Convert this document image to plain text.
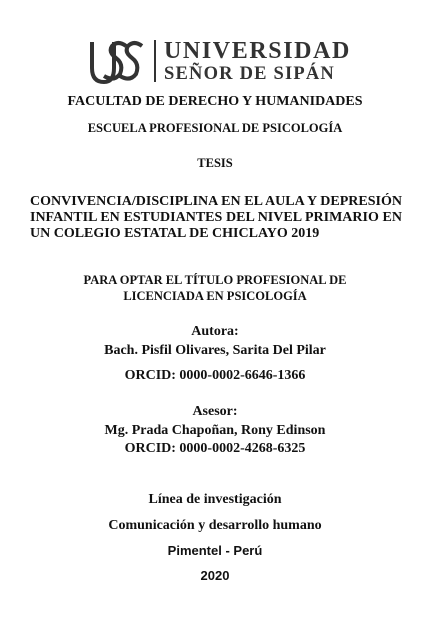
UNIVERSIDAD
SEÑOR DE SIPÁN
FACULTAD DE DERECHO Y HUMANIDADES
ESCUELA PROFESIONAL DE PSICOLOGÍA
TESIS
CONVIVENCIA/DISCIPLINA EN EL AULA Y DEPRESIÓN INFANTIL EN ESTUDIANTES DEL NIVEL PRIMARIO EN UN COLEGIO ESTATAL DE CHICLAYO 2019
PARA OPTAR EL TÍTULO PROFESIONAL DE
LICENCIADA EN PSICOLOGÍA
Autora:
Bach. Pisfil Olivares, Sarita Del Pilar
ORCID: 0000-0002-6646-1366
Asesor:
Mg. Prada Chapoñan, Rony Edinson
ORCID: 0000-0002-4268-6325
Línea de investigación
Comunicación y desarrollo humano
Pimentel - Perú
2020
